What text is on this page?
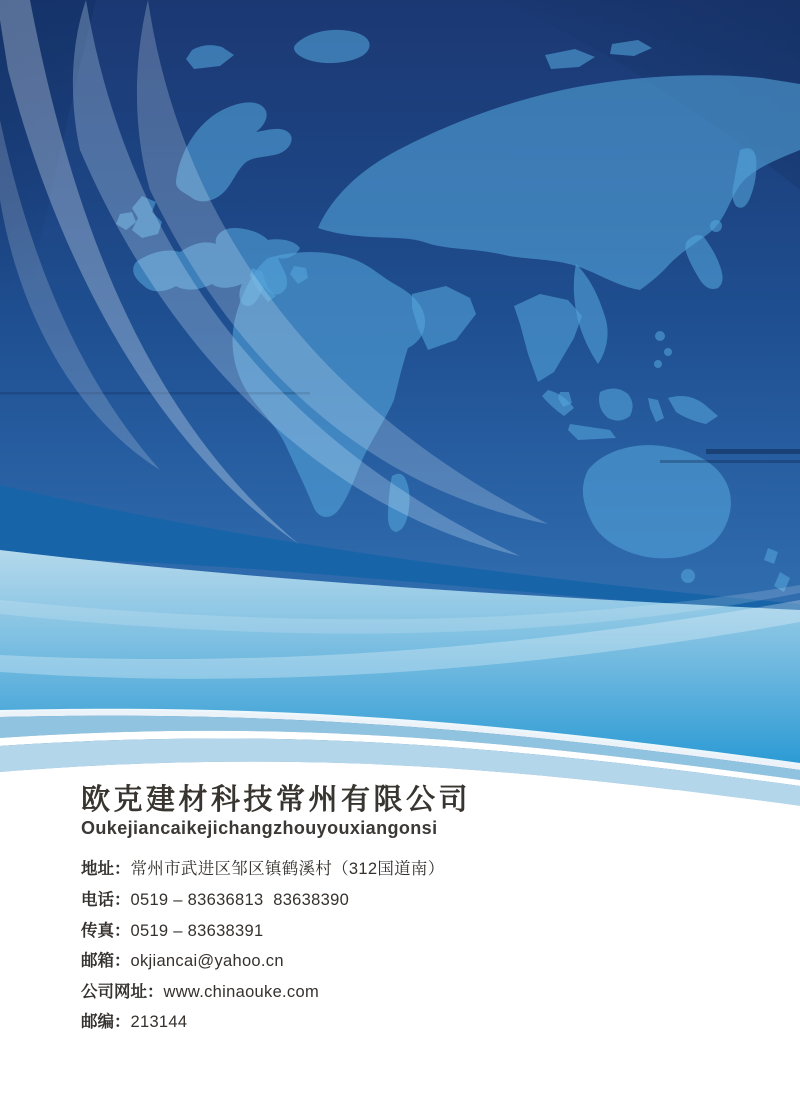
欧克建材科技常州有限公司
Oukejiancaikejichangzhouyouxiangonsi
地址：常州市武进区邹区镇鹤溪村（312国道南）
电话：0519 – 83636813  83638390
传真：0519 – 83638391
邮箱：okjiancai@yahoo.cn
公司网址：www.chinaouke.com
邮编：213144
